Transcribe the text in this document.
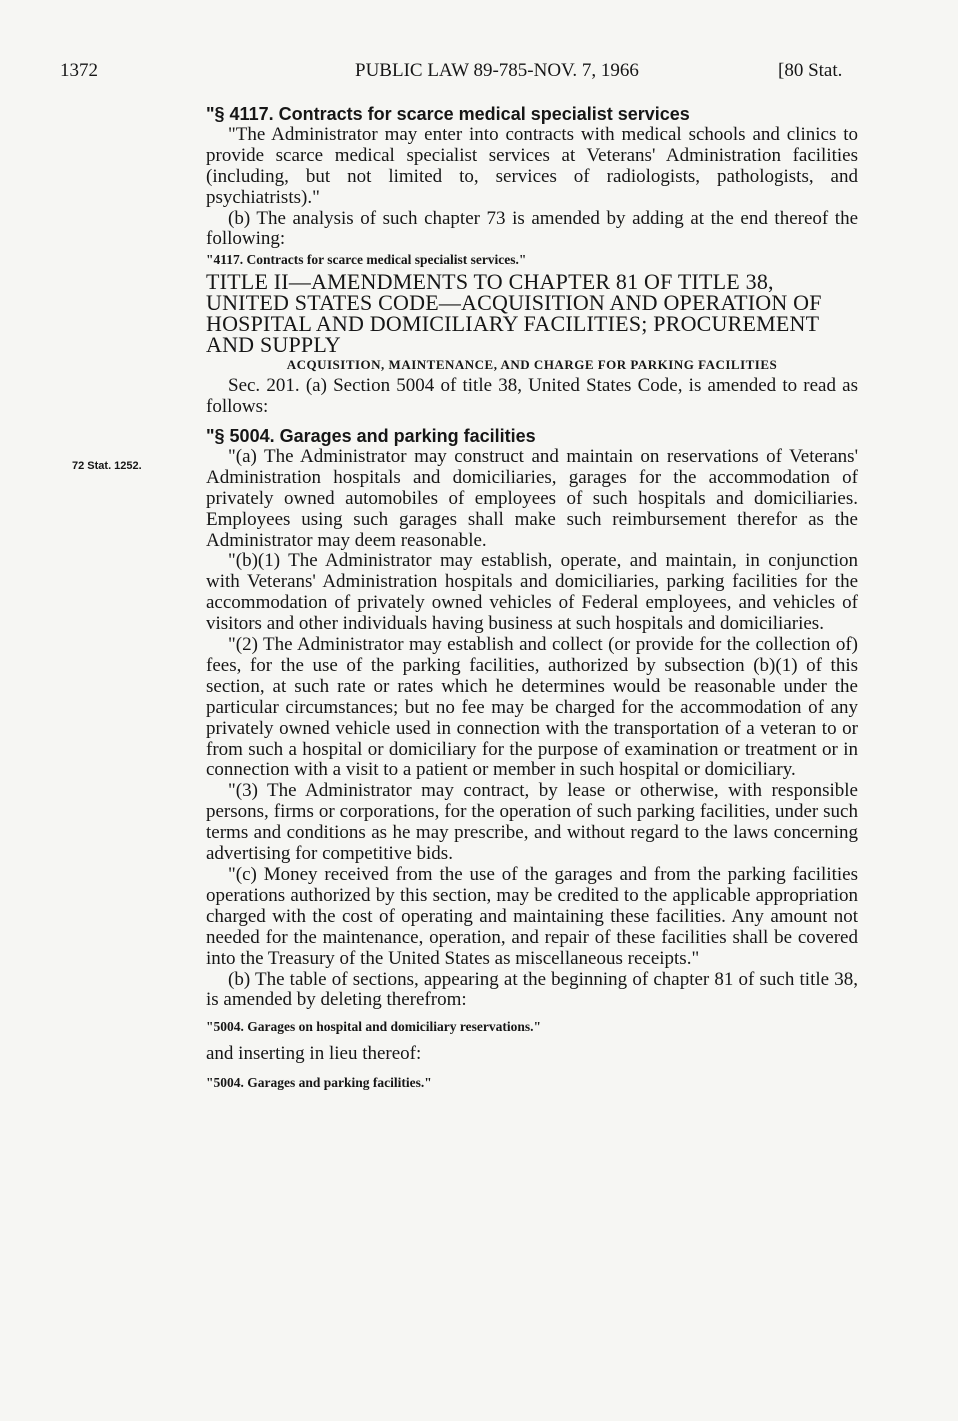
1372	PUBLIC LAW 89-785-NOV. 7, 1966	[80 Stat.
72 Stat. 1252.

"§ 4117. Contracts for scarce medical specialist services

"The Administrator may enter into contracts with medical schools and clinics to provide scarce medical specialist services at Veterans' Administration facilities (including, but not limited to, services of radiologists, pathologists, and psychiatrists)."

(b) The analysis of such chapter 73 is amended by adding at the end thereof the following:

"4117. Contracts for scarce medical specialist services."

TITLE II—AMENDMENTS TO CHAPTER 81 OF TITLE 38, UNITED STATES CODE—ACQUISITION AND OPERATION OF HOSPITAL AND DOMICILIARY FACILITIES; PROCUREMENT AND SUPPLY

ACQUISITION, MAINTENANCE, AND CHARGE FOR PARKING FACILITIES

Sec. 201. (a) Section 5004 of title 38, United States Code, is amended to read as follows:

"§ 5004. Garages and parking facilities

"(a) The Administrator may construct and maintain on reservations of Veterans' Administration hospitals and domiciliaries, garages for the accommodation of privately owned automobiles of employees of such hospitals and domiciliaries. Employees using such garages shall make such reimbursement therefor as the Administrator may deem reasonable.

"(b)(1) The Administrator may establish, operate, and maintain, in conjunction with Veterans' Administration hospitals and domiciliaries, parking facilities for the accommodation of privately owned vehicles of Federal employees, and vehicles of visitors and other individuals having business at such hospitals and domiciliaries.

"(2) The Administrator may establish and collect (or provide for the collection of) fees, for the use of the parking facilities, authorized by subsection (b)(1) of this section, at such rate or rates which he determines would be reasonable under the particular circumstances; but no fee may be charged for the accommodation of any privately owned vehicle used in connection with the transportation of a veteran to or from such a hospital or domiciliary for the purpose of examination or treatment or in connection with a visit to a patient or member in such hospital or domiciliary.

"(3) The Administrator may contract, by lease or otherwise, with responsible persons, firms or corporations, for the operation of such parking facilities, under such terms and conditions as he may prescribe, and without regard to the laws concerning advertising for competitive bids.

"(c) Money received from the use of the garages and from the parking facilities operations authorized by this section, may be credited to the applicable appropriation charged with the cost of operating and maintaining these facilities. Any amount not needed for the maintenance, operation, and repair of these facilities shall be covered into the Treasury of the United States as miscellaneous receipts."

(b) The table of sections, appearing at the beginning of chapter 81 of such title 38, is amended by deleting therefrom:

"5004. Garages on hospital and domiciliary reservations."

and inserting in lieu thereof:

"5004. Garages and parking facilities."
